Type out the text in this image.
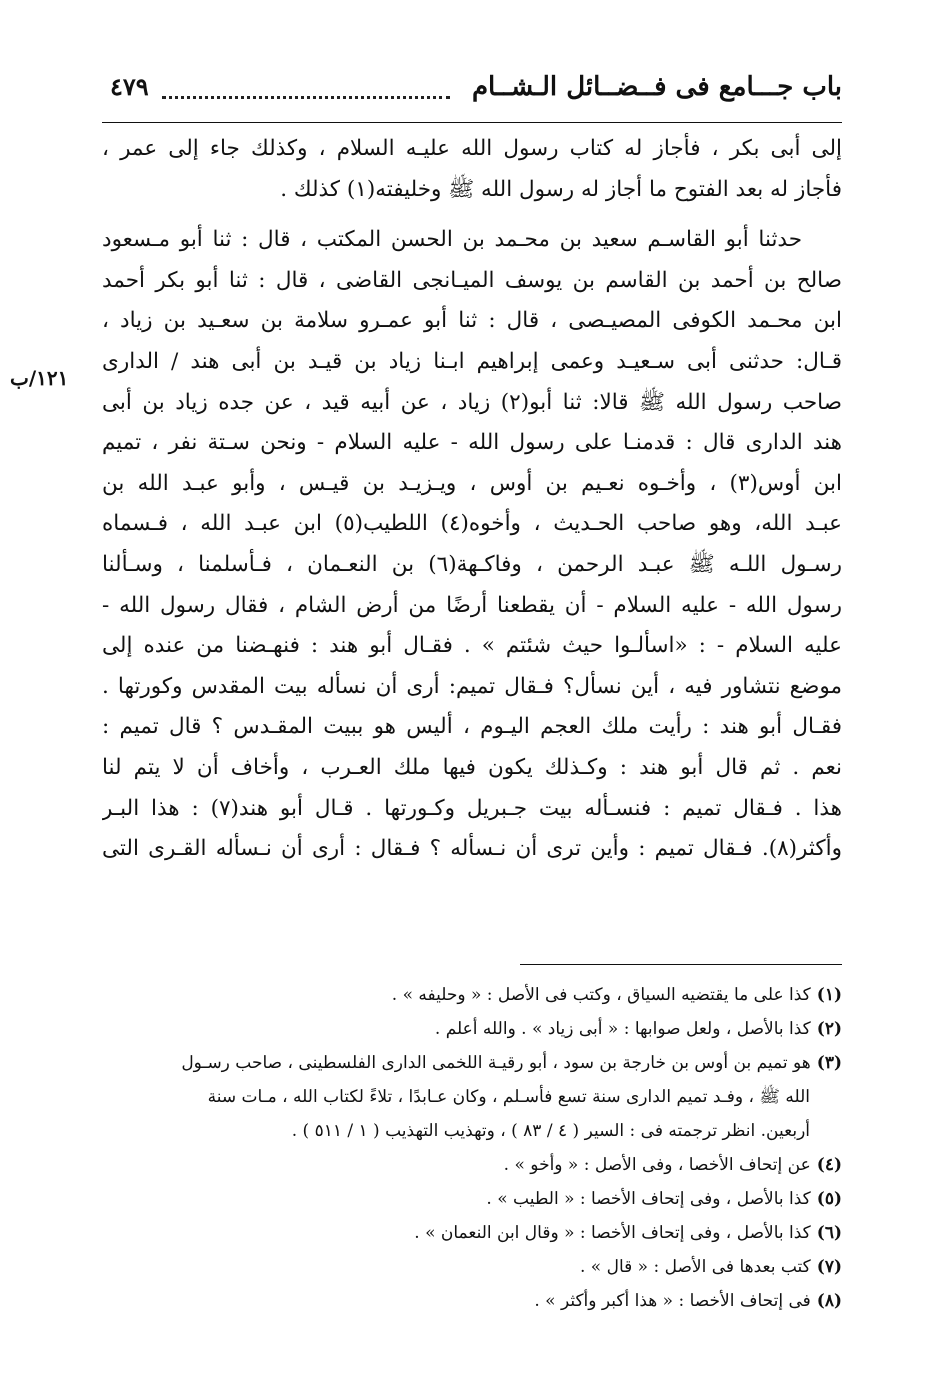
باب جـــامع فى فــضــائل الـشــام
٤٧٩
إلى أبى بكر ، فأجاز له كتاب رسول الله عليـه السلام ، وكذلك جاء إلى عمر ،
فأجاز له بعد الفتوح ما أجاز له رسول الله ﷺ وخليفته(١) كذلك .
حدثنا أبو القاسـم سعيد بن محـمد بن الحسن المكتب ، قال : ثنا أبو مـسعود
صالح بن أحمد بن القاسم بن يوسف الميـانجى القاضى ، قال : ثنا أبو بكر أحمد
ابن محـمد الكوفى المصيـصى ، قال : ثنا أبو عمـرو سلامة بن سعـيد بن زياد ،
قـال: حدثنى أبى سـعيـد وعمى إبراهيم ابـنا زياد بن قيـد بن أبى هند / الدارى
صاحب رسول الله ﷺ قالا: ثنا أبو(٢) زياد ، عن أبيه قيد ، عن جده زياد بن أبى
هند الدارى قال : قدمنـا على رسول الله - عليه السلام - ونحن سـتة نفر ، تميم
ابن أوس(٣) ، وأخـوه نعـيم بن أوس ، ويـزيـد بن قيـس ، وأبو عبـد الله بن
عبـد الله، وهو صاحب الحـديث ، وأخوه(٤) اللطيب(٥) ابن عبـد الله ، فـسماه
رسـول اللـه ﷺ عبـد الرحمن ، وفاكـهة(٦) بن النعـمان ، فـأسلمنا ، وسـألنا
رسول الله - عليه السلام - أن يقطعنا أرضًا من أرض الشام ، فقال رسول الله -
عليه السلام - : «اسألـوا حيث شئتم » . فقـال أبو هند : فنهـضنا من عنده إلى
موضع نتشاور فيه ، أين نسأل؟ فـقال تميم: أرى أن نسأله بيت المقدس وكورتها .
فقـال أبو هند : رأيت ملك العجم اليـوم ، أليس هو ببيت المقـدس ؟ قال تميم :
نعم . ثم قال أبو هند : وكـذلك يكون فيها ملك العـرب ، وأخاف أن لا يتم لنا
هذا . فـقال تميم : فنسـأله بيت جـبريل وكـورتها . قـال أبو هند(٧) : هذا البـر
وأكثر(٨). فـقال تميم : وأين ترى أن نـسأله ؟ فـقال : أرى أن نـسأله القـرى التى
١٢١/ب
(١)كذا على ما يقتضيه السياق ، وكتب فى الأصل : « وحليفه » .
(٢)كذا بالأصل ، ولعل صوابها : « أبى زياد » . والله أعلم .
(٣)هو تميم بن أوس بن خارجة بن سود ، أبو رقيـة اللخمى الدارى الفلسطينى ، صاحب رسـول
الله ﷺ ، وفـد تميم الدارى سنة تسع فأسـلم ، وكان عـابدًا ، تلاءً لكتاب الله ، مـات سنة
أربعين. انظر ترجمته فى : السير ( ٤ / ٨٣ ) ، وتهذيب التهذيب ( ١ / ٥١١ ) .
(٤)عن إتحاف الأخصا ، وفى الأصل : « وأخو » .
(٥)كذا بالأصل ، وفى إتحاف الأخصا : « الطيب » .
(٦)كذا بالأصل ، وفى إتحاف الأخصا : « وقال ابن النعمان » .
(٧)كتب بعدها فى الأصل : « قال » .
(٨)فى إتحاف الأخصا : « هذا أكبر وأكثر » .
